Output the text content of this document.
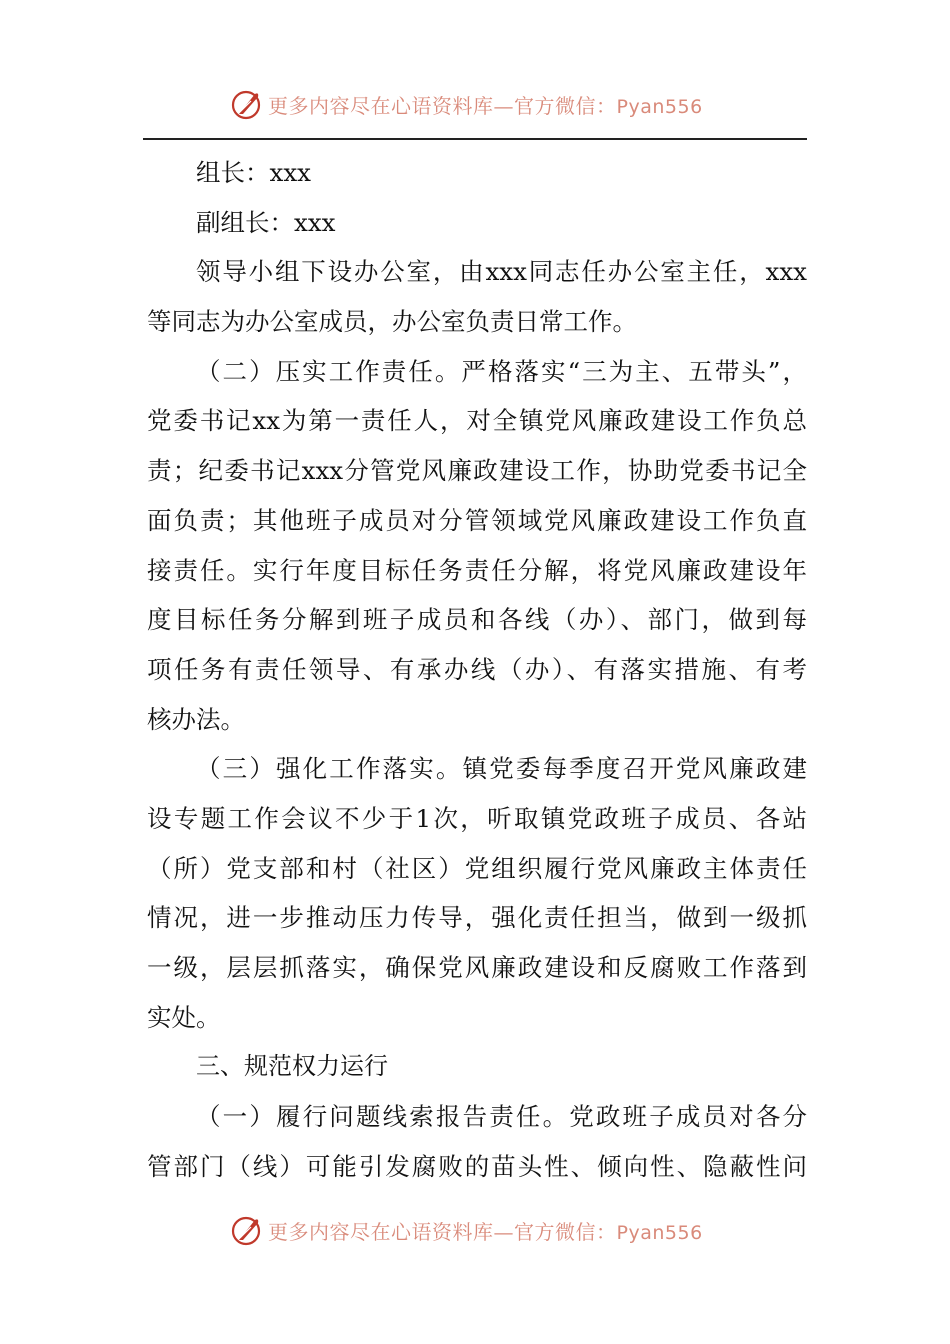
更多内容尽在心语资料库—官方微信：Pyan556
组长：xxx
副组长：xxx
领导小组下设办公室，由xxx同志任办公室主任，xxx
等同志为办公室成员，办公室负责日常工作。
（二）压实工作责任。严格落实“三为主、五带头”，
党委书记xx为第一责任人，对全镇党风廉政建设工作负总
责；纪委书记xxx分管党风廉政建设工作，协助党委书记全
面负责；其他班子成员对分管领域党风廉政建设工作负直
接责任。实行年度目标任务责任分解，将党风廉政建设年
度目标任务分解到班子成员和各线（办）、部门，做到每
项任务有责任领导、有承办线（办）、有落实措施、有考
核办法。
（三）强化工作落实。镇党委每季度召开党风廉政建
设专题工作会议不少于1次，听取镇党政班子成员、各站
（所）党支部和村（社区）党组织履行党风廉政主体责任
情况，进一步推动压力传导，强化责任担当，做到一级抓
一级，层层抓落实，确保党风廉政建设和反腐败工作落到
实处。
三、规范权力运行
（一）履行问题线索报告责任。党政班子成员对各分
管部门（线）可能引发腐败的苗头性、倾向性、隐蔽性问
更多内容尽在心语资料库—官方微信：Pyan556
